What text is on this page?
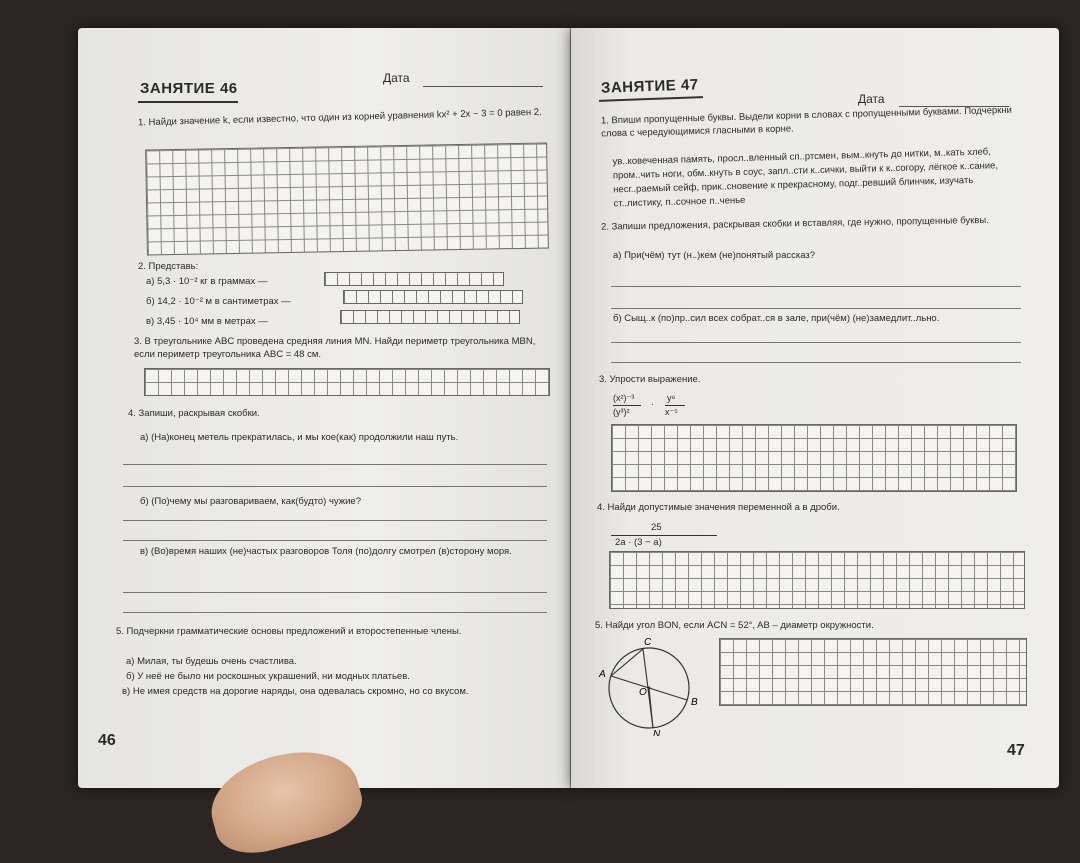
ЗАНЯТИЕ 46
Дата
1. Найди значение k, если известно, что один из корней уравнения kx² + 2x − 3 = 0 равен 2.
2. Представь:
а) 5,3 · 10⁻² кг в граммах —
б) 14,2 · 10⁻² м в сантиметрах —
в) 3,45 · 10⁴ мм в метрах —
3. В треугольнике ABC проведена средняя линия MN. Найди периметр треугольника MBN, если периметр треугольника ABC = 48 см.
4. Запиши, раскрывая скобки.
а) (На)конец метель прекратилась, и мы кое(как) продолжили наш путь.
б) (По)чему мы разговариваем, как(будто) чужие?
в) (Во)время наших (не)частых разговоров Толя (по)долгу смотрел (в)сторону моря.
5. Подчеркни грамматические основы предложений и второстепенные члены.
а) Милая, ты будешь очень счастлива.
б) У неё не было ни роскошных украшений, ни модных платьев.
в) Не имея средств на дорогие наряды, она одевалась скромно, но со вкусом.
46
ЗАНЯТИЕ 47
Дата
1. Впиши пропущенные буквы. Выдели корни в словах с пропущенными буквами. Подчеркни слова с чередующимися гласными в корне.
ув..ковеченная память, просл..вленный сп..ртсмен, вым..кнуть до нитки, м..кать хлеб, пром..чить ноги, обм..кнуть в соус, запл..сти к..сички, выйти к к..согору, лёгкое к..сание, несг..раемый сейф, прик..сновение к прекрасному, подг..ревший блинчик, изучать ст..листику, п..сочное п..ченье
2. Запиши предложения, раскрывая скобки и вставляя, где нужно, пропущенные буквы.
а) При(чём) тут (н..)кем (не)понятый рассказ?
б) Сыщ..к (по)пр..сил всех собрат..ся в зале, при(чём) (не)замедлит..льно.
3. Упрости выражение.
(x²)⁻³
(y³)²
·
y⁸
x⁻⁵
4. Найди допустимые значения переменной a в дроби.
25
2a · (3 − a)
5. Найди угол BON, если ACN = 52°, AB – диаметр окружности.
C
A
O
B
N
47
